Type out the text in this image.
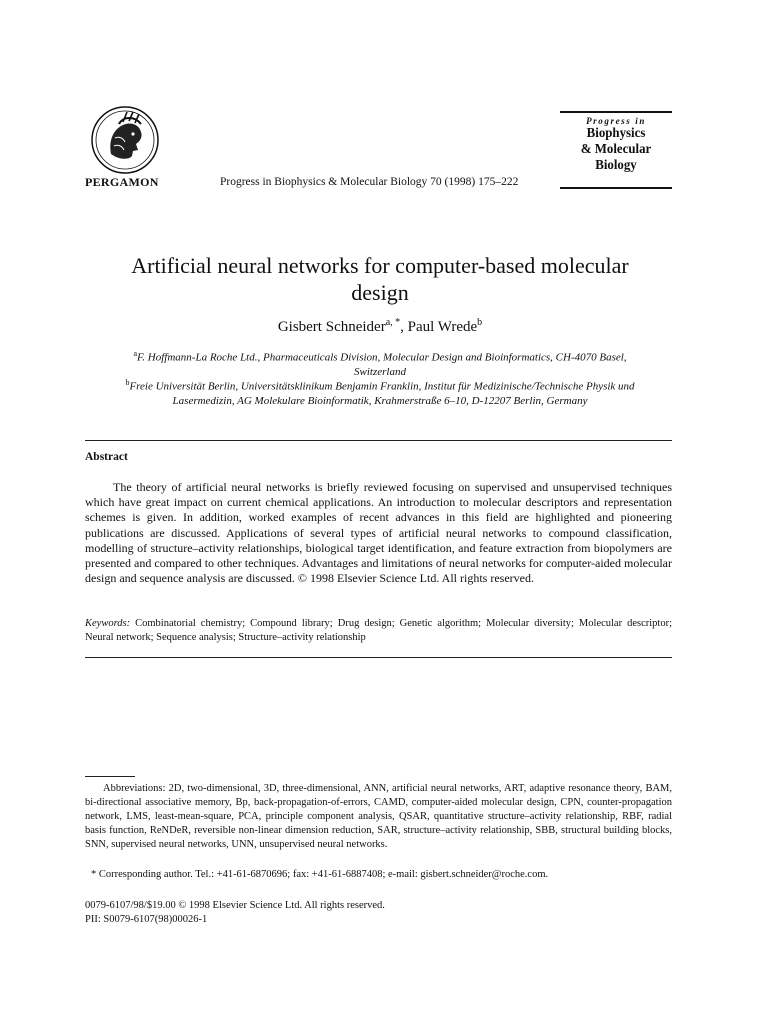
PERGAMON	Progress in Biophysics & Molecular Biology 70 (1998) 175–222
Progress in
Biophysics
& Molecular
Biology
Artificial neural networks for computer-based molecular
design
Gisbert Schneider$^{a, *}$, Paul Wrede$^b$
$^a$F. Hoffmann-La Roche Ltd., Pharmaceuticals Division, Molecular Design and Bioinformatics, CH-4070 Basel,
Switzerland
$^b$Freie Universität Berlin, Universitätsklinikum Benjamin Franklin, Institut für Medizinische/Technische Physik und
Lasermedizin, AG Molekulare Bioinformatik, Krahmerstraße 6–10, D-12207 Berlin, Germany
Abstract

The theory of artificial neural networks is briefly reviewed focusing on supervised and unsupervised techniques which have great impact on current chemical applications. An introduction to molecular descriptors and representation schemes is given. In addition, worked examples of recent advances in this field are highlighted and pioneering publications are discussed. Applications of several types of artificial neural networks to compound classification, modelling of structure–activity relationships, biological target identification, and feature extraction from biopolymers are presented and compared to other techniques. Advantages and limitations of neural networks for computer-aided molecular design and sequence analysis are discussed. © 1998 Elsevier Science Ltd. All rights reserved.

Keywords: Combinatorial chemistry; Compound library; Drug design; Genetic algorithm; Molecular diversity; Molecular descriptor; Neural network; Sequence analysis; Structure–activity relationship

Abbreviations: 2D, two-dimensional, 3D, three-dimensional, ANN, artificial neural networks, ART, adaptive resonance theory, BAM, bi-directional associative memory, Bp, back-propagation-of-errors, CAMD, computer-aided molecular design, CPN, counter-propagation network, LMS, least-mean-square, PCA, principle component analysis, QSAR, quantitative structure–activity relationship, RBF, radial basis function, ReNDeR, reversible non-linear dimension reduction, SAR, structure–activity relationship, SBB, structural building blocks, SNN, supervised neural networks, UNN, unsupervised neural networks.

* Corresponding author. Tel.: +41-61-6870696; fax: +41-61-6887408; e-mail: gisbert.schneider@roche.com.

0079-6107/98/$19.00 © 1998 Elsevier Science Ltd. All rights reserved.
PII: S0079-6107(98)00026-1
